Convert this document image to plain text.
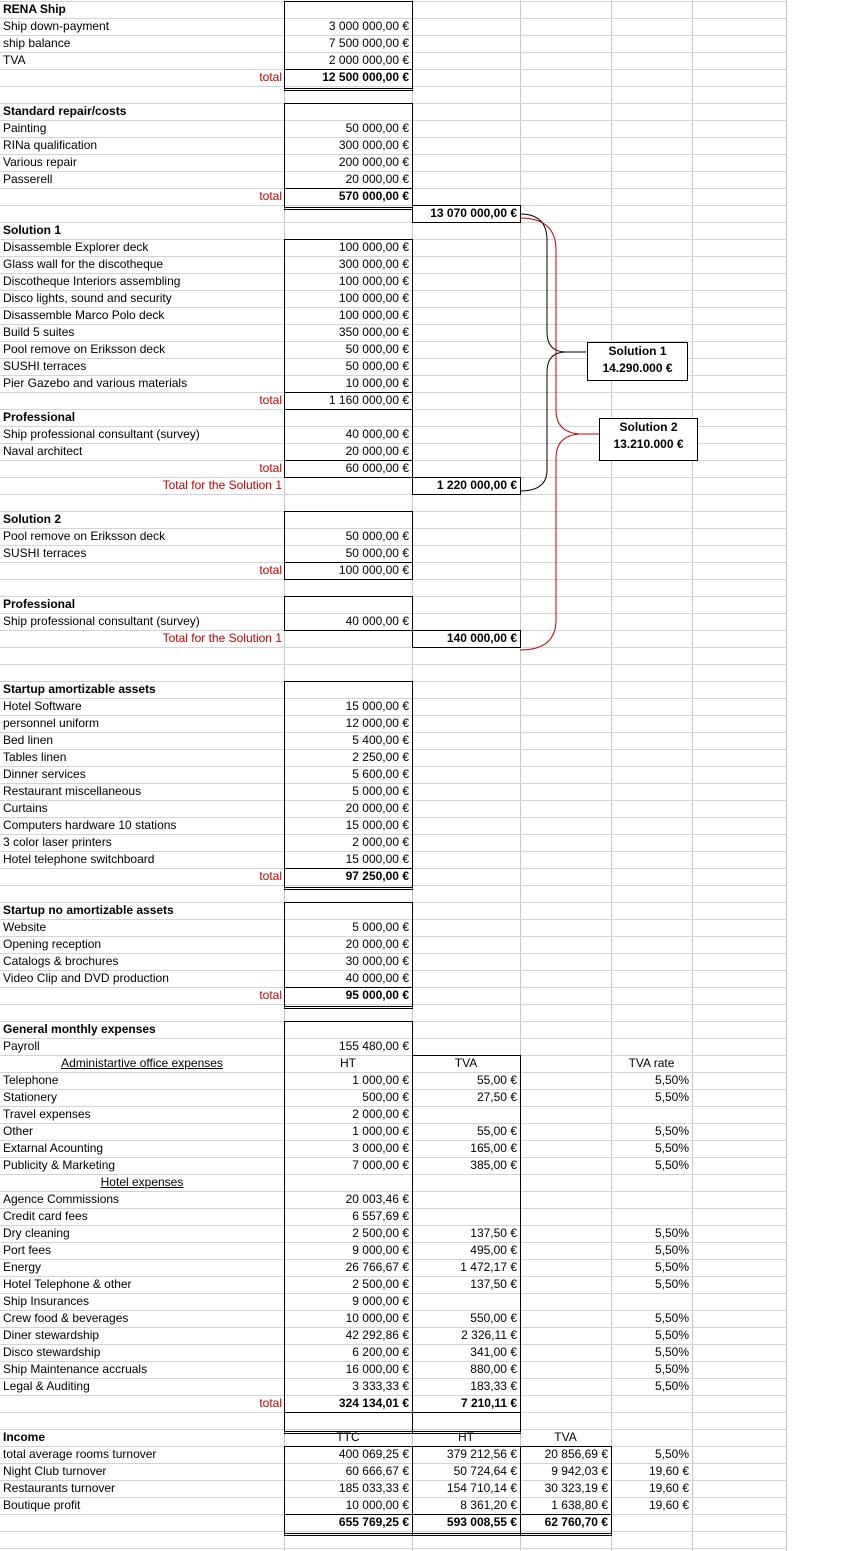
RENA Ship
Ship down-payment	3 000 000,00 €
ship balance	7 500 000,00 €
TVA	2 000 000,00 €
total	12 500 000,00 €
Standard repair/costs
Painting	50 000,00 €
RINa qualification	300 000,00 €
Various repair	200 000,00 €
Passerell	20 000,00 €
total	570 000,00 €
13 070 000,00 €
Solution 1
Disassemble Explorer deck	100 000,00 €
Glass wall for the discotheque	300 000,00 €
Discotheque Interiors assembling	100 000,00 €
Disco lights, sound and security	100 000,00 €
Disassemble Marco Polo deck	100 000,00 €
Build 5 suites	350 000,00 €
Pool remove on Eriksson deck	50 000,00 €
SUSHI terraces	50 000,00 €
Pier Gazebo and various materials	10 000,00 €
total	1 160 000,00 €
Professional
Ship professional consultant (survey)	40 000,00 €
Naval architect	20 000,00 €
total	60 000,00 €
Total for the Solution 1	1 220 000,00 €
Solution 2
Pool remove on Eriksson deck	50 000,00 €
SUSHI terraces	50 000,00 €
total	100 000,00 €
Professional
Ship professional consultant (survey)	40 000,00 €
Total for the Solution 1	140 000,00 €
Startup amortizable assets
Hotel Software	15 000,00 €
personnel uniform	12 000,00 €
Bed linen	5 400,00 €
Tables linen	2 250,00 €
Dinner services	5 600,00 €
Restaurant miscellaneous	5 000,00 €
Curtains	20 000,00 €
Computers hardware 10 stations	15 000,00 €
3 color laser printers	2 000,00 €
Hotel telephone switchboard	15 000,00 €
total	97 250,00 €
Startup no amortizable assets
Website	5 000,00 €
Opening reception	20 000,00 €
Catalogs & brochures	30 000,00 €
Video Clip and DVD production	40 000,00 €
total	95 000,00 €
General monthly expenses
Payroll	155 480,00 €
Administartive office expenses	HT	TVA	TVA rate
Telephone	1 000,00 €	55,00 €	5,50%
Stationery	500,00 €	27,50 €	5,50%
Travel expenses	2 000,00 €
Other	1 000,00 €	55,00 €	5,50%
Extarnal Acounting	3 000,00 €	165,00 €	5,50%
Publicity & Marketing	7 000,00 €	385,00 €	5,50%
Hotel expenses
Agence Commissions	20 003,46 €
Credit card fees	6 557,69 €
Dry cleaning	2 500,00 €	137,50 €	5,50%
Port fees	9 000,00 €	495,00 €	5,50%
Energy	26 766,67 €	1 472,17 €	5,50%
Hotel Telephone & other	2 500,00 €	137,50 €	5,50%
Ship Insurances	9 000,00 €
Crew food & beverages	10 000,00 €	550,00 €	5,50%
Diner stewardship	42 292,86 €	2 326,11 €	5,50%
Disco stewardship	6 200,00 €	341,00 €	5,50%
Ship Maintenance accruals	16 000,00 €	880,00 €	5,50%
Legal & Auditing	3 333,33 €	183,33 €	5,50%
total	324 134,01 €	7 210,11 €
Income	TTC	HT	TVA
total average rooms turnover	400 069,25 €	379 212,56 €	20 856,69 €	5,50%
Night Club turnover	60 666,67 €	50 724,64 €	9 942,03 €	19,60 €
Restaurants turnover	185 033,33 €	154 710,14 €	30 323,19 €	19,60 €
Boutique profit	10 000,00 €	8 361,20 €	1 638,80 €	19,60 €
655 769,25 €	593 008,55 €	62 760,70 €
Solution 1
14.290.000 €
Solution 2
13.210.000 €
